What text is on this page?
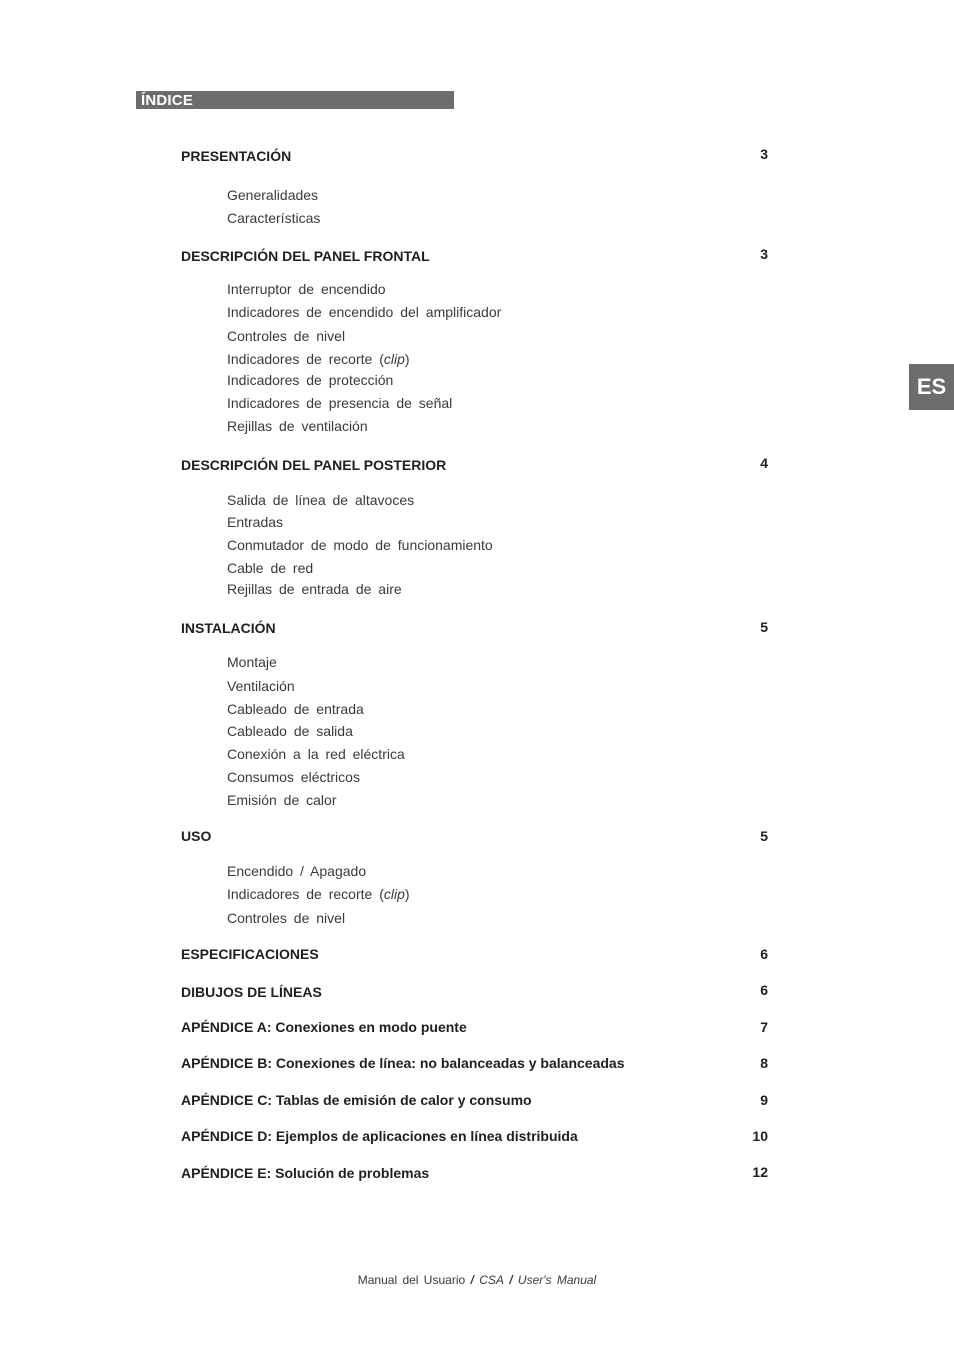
ÍNDICE
ES
PRESENTACIÓN	3
Generalidades
Características
DESCRIPCIÓN DEL PANEL FRONTAL	3
Interruptor de encendido
Indicadores de encendido del amplificador
Controles de nivel
Indicadores de recorte (clip)
Indicadores de protección
Indicadores de presencia de señal
Rejillas de ventilación
DESCRIPCIÓN DEL PANEL POSTERIOR	4
Salida de línea de altavoces
Entradas
Conmutador de modo de funcionamiento
Cable de red
Rejillas de entrada de aire
INSTALACIÓN	5
Montaje
Ventilación
Cableado de entrada
Cableado de salida
Conexión a la red eléctrica
Consumos eléctricos
Emisión de calor
USO	5
Encendido / Apagado
Indicadores de recorte (clip)
Controles de nivel
ESPECIFICACIONES	6
DIBUJOS DE LÍNEAS	6
APÉNDICE A: Conexiones en modo puente	7
APÉNDICE B: Conexiones de línea: no balanceadas y balanceadas	8
APÉNDICE C: Tablas de emisión de calor y consumo	9
APÉNDICE D: Ejemplos de aplicaciones en línea distribuida	10
APÉNDICE E: Solución de problemas	12
Manual del Usuario / CSA / User's Manual
